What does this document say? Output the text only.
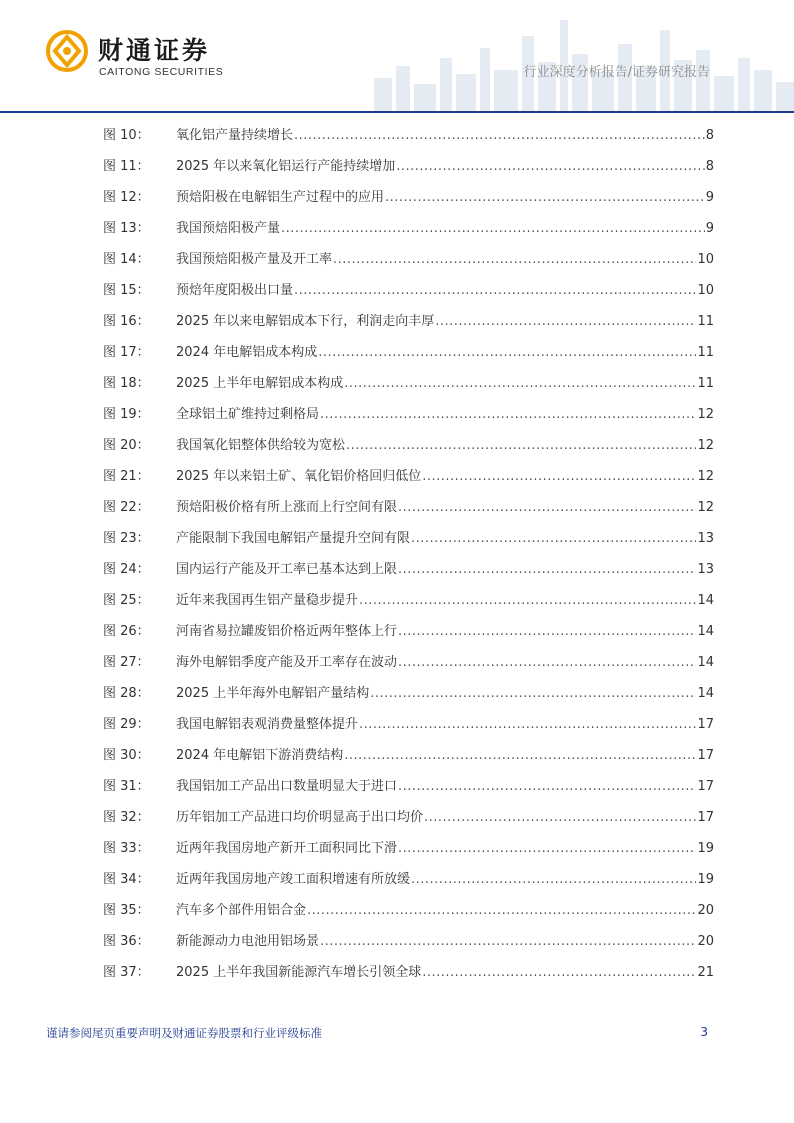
财通证券
CAITONG SECURITIES	行业深度分析报告/证券研究报告
图 10：	氧化铝产量持续增长 .....	8
图 11：	2025 年以来氧化铝运行产能持续增加 .....	8
图 12：	预焙阳极在电解铝生产过程中的应用 .....	9
图 13：	我国预焙阳极产量 .....	9
图 14：	我国预焙阳极产量及开工率 .....	10
图 15：	预焙年度阳极出口量 .....	10
图 16：	2025 年以来电解铝成本下行，利润走向丰厚 .....	11
图 17：	2024 年电解铝成本构成 .....	11
图 18：	2025 上半年电解铝成本构成 .....	11
图 19：	全球铝土矿维持过剩格局 .....	12
图 20：	我国氧化铝整体供给较为宽松 .....	12
图 21：	2025 年以来铝土矿、氧化铝价格回归低位 .....	12
图 22：	预焙阳极价格有所上涨而上行空间有限 .....	12
图 23：	产能限制下我国电解铝产量提升空间有限 .....	13
图 24：	国内运行产能及开工率已基本达到上限 .....	13
图 25：	近年来我国再生铝产量稳步提升 .....	14
图 26：	河南省易拉罐废铝价格近两年整体上行 .....	14
图 27：	海外电解铝季度产能及开工率存在波动 .....	14
图 28：	2025 上半年海外电解铝产量结构 .....	14
图 29：	我国电解铝表观消费量整体提升 .....	17
图 30：	2024 年电解铝下游消费结构 .....	17
图 31：	我国铝加工产品出口数量明显大于进口 .....	17
图 32：	历年铝加工产品进口均价明显高于出口均价 .....	17
图 33：	近两年我国房地产新开工面积同比下滑 .....	19
图 34：	近两年我国房地产竣工面积增速有所放缓 .....	19
图 35：	汽车多个部件用铝合金 .....	20
图 36：	新能源动力电池用铝场景 .....	20
图 37：	2025 上半年我国新能源汽车增长引领全球 .....	21
谨请参阅尾页重要声明及财通证券股票和行业评级标准	3
